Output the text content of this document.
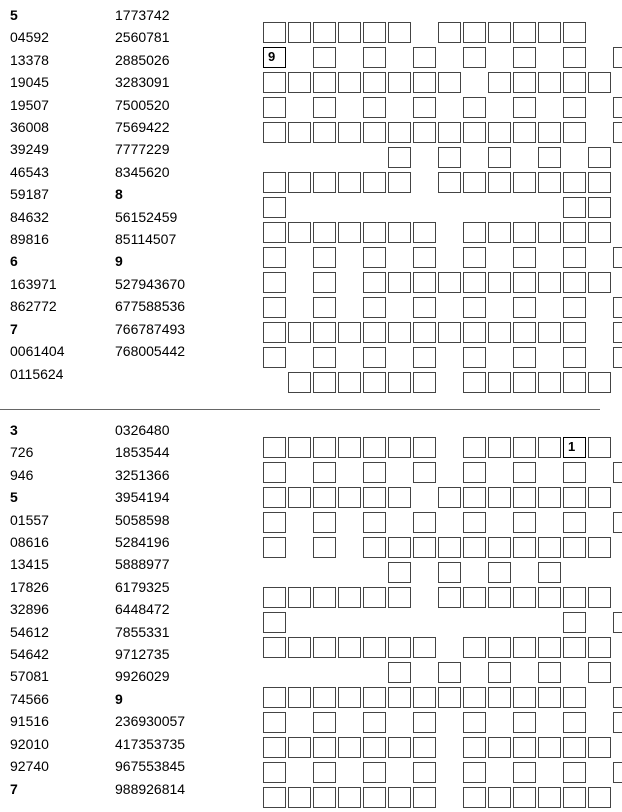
5
04592
13378
19045
19507
36008
39249
46543
59187
84632
89816
6
163971
862772
7
0061404
0115624
1773742
2560781
2885026
3283091
7500520
7569422
7777229
8345620
8
56152459
85114507
9
527943670
677588536
766787493
768005442
9
3
726
946
5
01557
08616
13415
17826
32896
54612
54642
57081
74566
91516
92010
92740
7
0326480
1853544
3251366
3954194
5058598
5284196
5888977
6179325
6448472
7855331
9712735
9926029
9
236930057
417353735
967553845
988926814
1
